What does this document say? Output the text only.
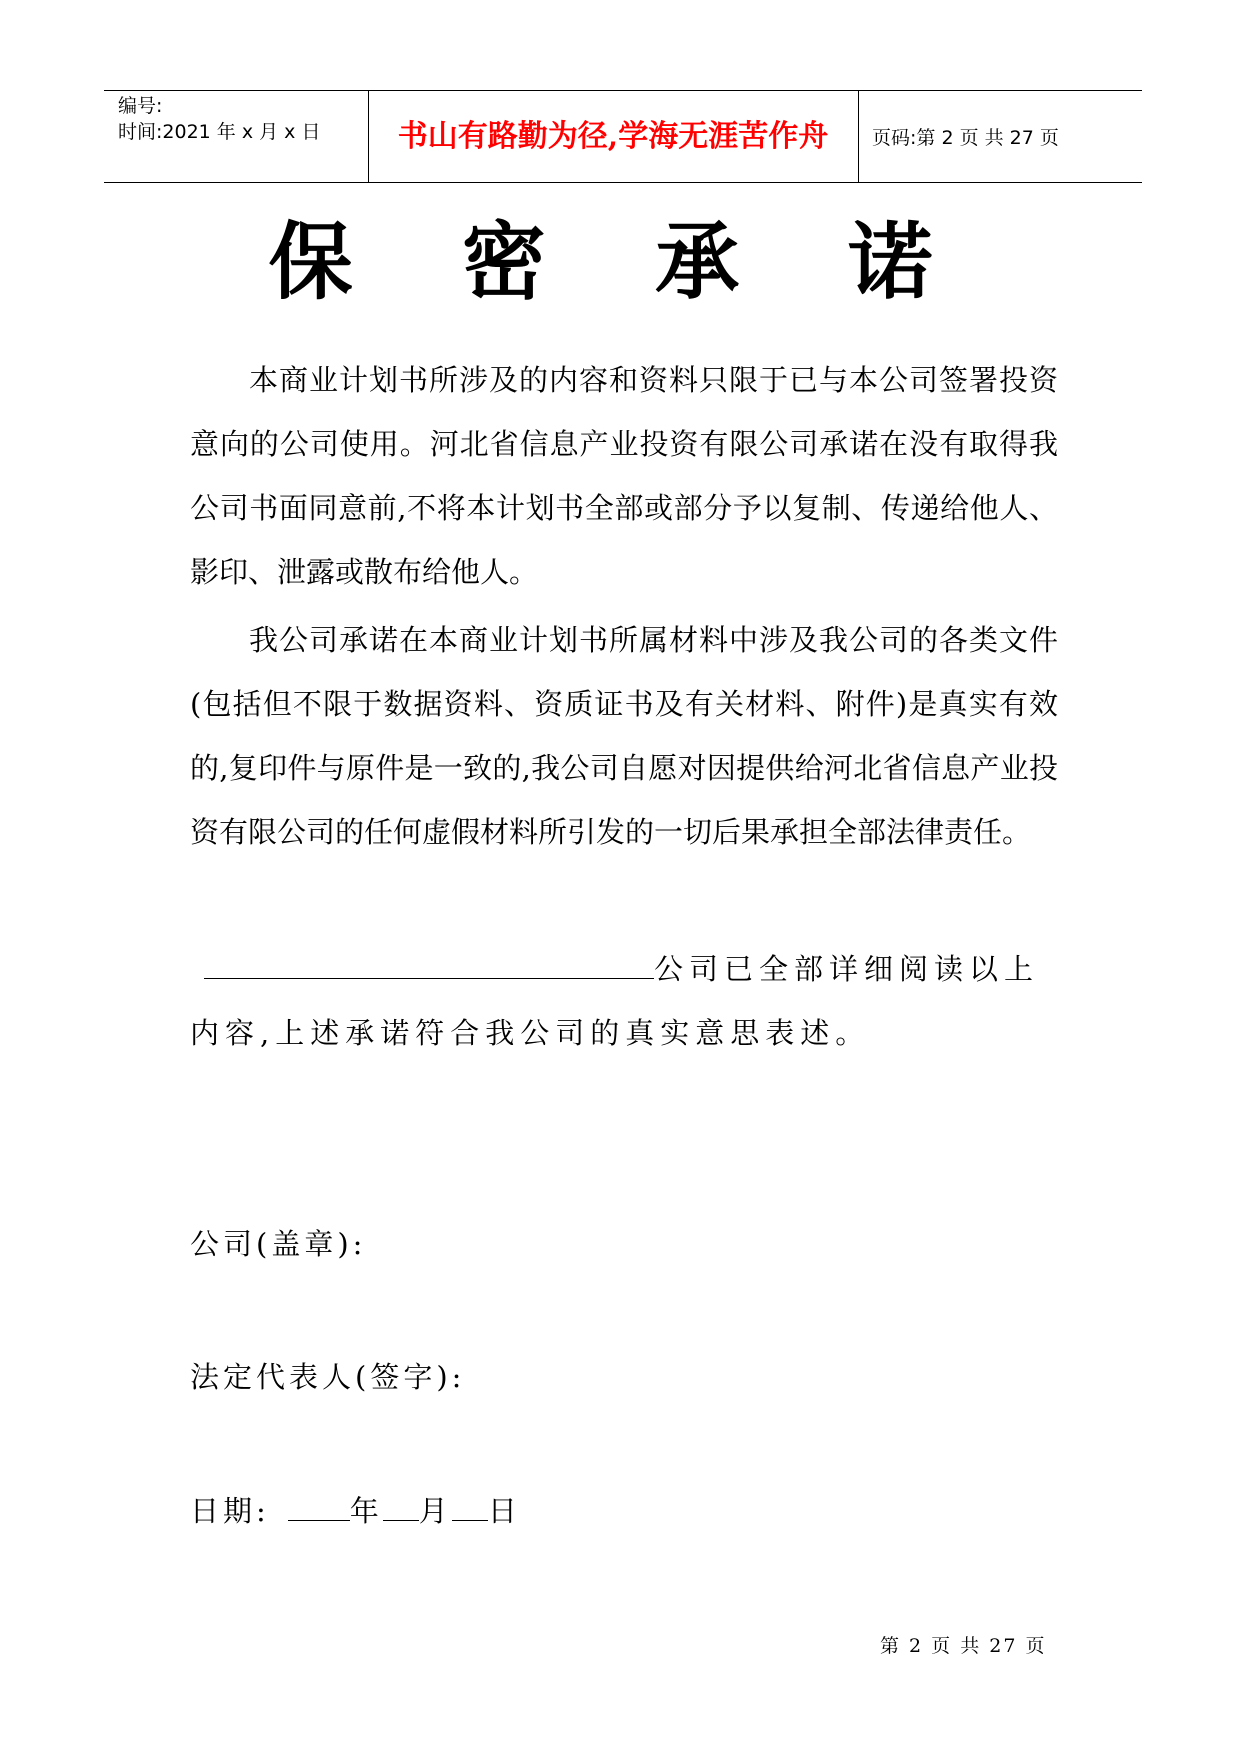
编号:
时间:2021 年 x 月 x 日	书山有路勤为径,学海无涯苦作舟	页码:第 2 页 共 27 页
保 密 承 诺
本商业计划书所涉及的内容和资料只限于已与本公司签署投资意向的公司使用。河北省信息产业投资有限公司承诺在没有取得我公司书面同意前,不将本计划书全部或部分予以复制、传递给他人、影印、泄露或散布给他人。
我公司承诺在本商业计划书所属材料中涉及我公司的各类文件(包括但不限于数据资料、资质证书及有关材料、附件)是真实有效的,复印件与原件是一致的,我公司自愿对因提供给河北省信息产业投资有限公司的任何虚假材料所引发的一切后果承担全部法律责任。
公司已全部详细阅读以上内容,上述承诺符合我公司的真实意思表述。
公司(盖章):
法定代表人(签字):
日期:	年 月 日
第 2 页 共 27 页
